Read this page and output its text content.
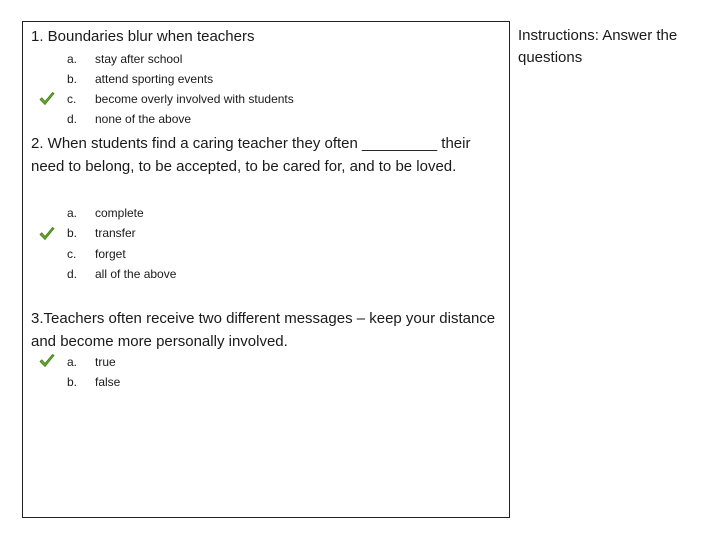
1. Boundaries blur when teachers
a.	stay after school
b.	attend sporting events
c.	become overly involved with students
d.	none of the above
2. When students find a caring teacher they often _________ their need to belong, to be accepted, to be cared for, and to be loved.
a.	complete
b.	transfer
c.	forget
d.	all of the above
3.Teachers often receive two different messages – keep your distance and become more personally involved.
a.	true
b.	false
Instructions: Answer the questions
